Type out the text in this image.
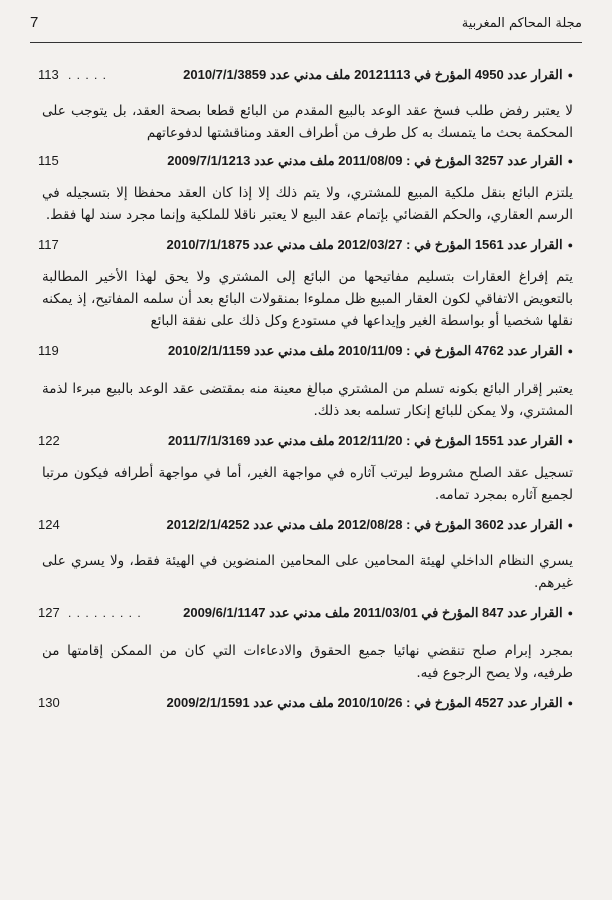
مجلة المحاكم المغربية
7
●القرار عدد 4950 المؤرخ في 20121113 ملف مدني عدد 2010/7/1/3859
. . . . .
113
لا يعتبر رفض طلب فسخ عقد الوعد بالبيع المقدم من البائع قطعا بصحة العقد، بل يتوجب على المحكمة بحث ما يتمسك به كل طرف من أطراف العقد ومناقشتها لدفوعاتهم
●القرار عدد 3257 المؤرخ في : 2011/08/09 ملف مدني عدد 2009/7/1/1213
115
يلتزم البائع بنقل ملكية المبيع للمشتري، ولا يتم ذلك إلا إذا كان العقد محفظا إلا بتسجيله في الرسم العقاري، والحكم القضائي بإتمام عقد البيع لا يعتبر ناقلا للملكية وإنما مجرد سند لها فقط.
●القرار عدد 1561 المؤرخ في : 2012/03/27 ملف مدني عدد 2010/7/1/1875
117
يتم إفراغ العقارات بتسليم مفاتيحها من البائع إلى المشتري ولا يحق لهذا الأخير المطالبة بالتعويض الاتفاقي لكون العقار المبيع ظل مملوءا بمنقولات البائع بعد أن سلمه المفاتيح، إذ يمكنه نقلها شخصيا أو بواسطة الغير وإيداعها في مستودع وكل ذلك على نفقة البائع
●القرار عدد 4762 المؤرخ في : 2010/11/09 ملف مدني عدد 2010/2/1/1159
119
يعتبر إقرار البائع بكونه تسلم من المشتري مبالغ معينة منه بمقتضى عقد الوعد بالبيع مبرءا لذمة المشتري، ولا يمكن للبائع إنكار تسلمه بعد ذلك.
●القرار عدد 1551 المؤرخ في : 2012/11/20 ملف مدني عدد 2011/7/1/3169
122
تسجيل عقد الصلح مشروط ليرتب آثاره في مواجهة الغير، أما في مواجهة أطرافه فيكون مرتبا لجميع آثاره بمجرد تمامه.
●القرار عدد 3602 المؤرخ في : 2012/08/28 ملف مدني عدد 2012/2/1/4252
124
يسري النظام الداخلي لهيئة المحامين على المحامين المنضوين في الهيئة فقط، ولا يسري على غيرهم.
●القرار عدد 847 المؤرخ في 2011/03/01 ملف مدني عدد 2009/6/1/1147
. . . . . . . . .
127
بمجرد إبرام صلح تنقضي نهائيا جميع الحقوق والادعاءات التي كان من الممكن إقامتها من طرفيه، ولا يصح الرجوع فيه.
●القرار عدد 4527 المؤرخ في : 2010/10/26 ملف مدني عدد 2009/2/1/1591
130
